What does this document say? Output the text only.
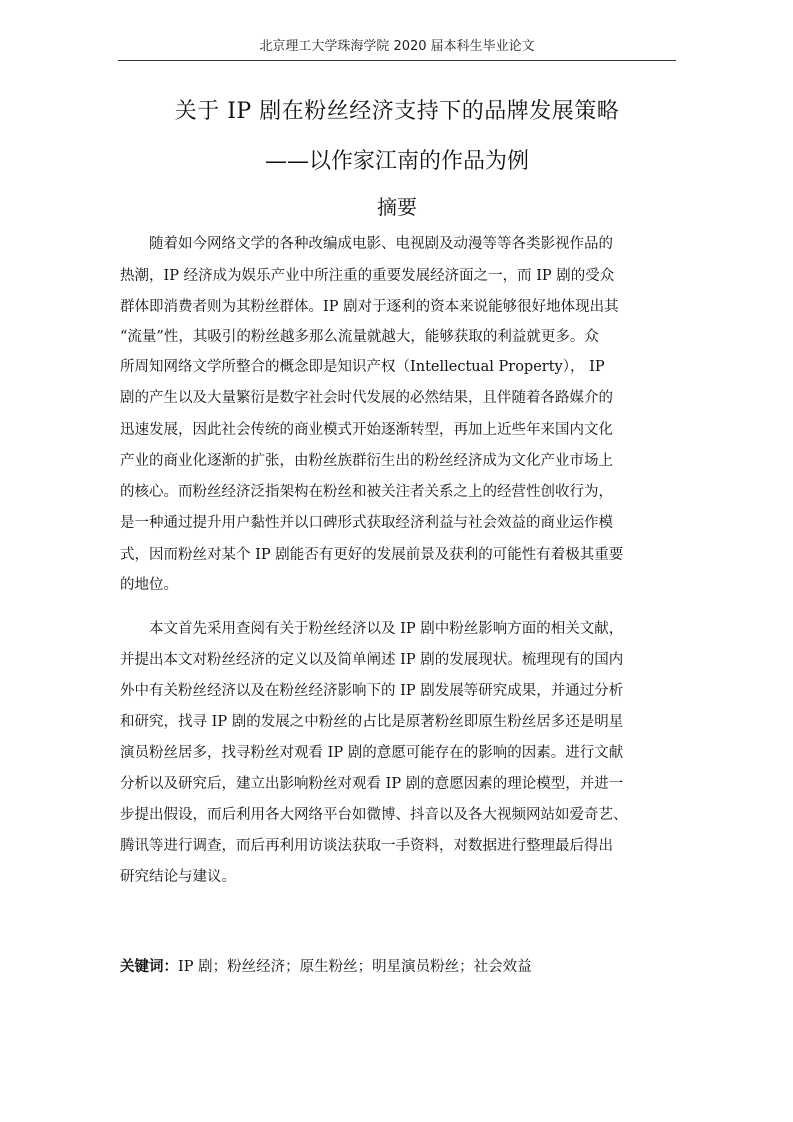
北京理工大学珠海学院 2020 届本科生毕业论文
关于 IP 剧在粉丝经济支持下的品牌发展策略
——以作家江南的作品为例
摘要
　　随着如今网络文学的各种改编成电影、电视剧及动漫等等各类影视作品的
热潮，IP 经济成为娱乐产业中所注重的重要发展经济面之一，而 IP 剧的受众
群体即消费者则为其粉丝群体。IP 剧对于逐利的资本来说能够很好地体现出其
“流量”性，其吸引的粉丝越多那么流量就越大，能够获取的利益就更多。众
所周知网络文学所整合的概念即是知识产权（Intellectual Property）， IP
剧的产生以及大量繁衍是数字社会时代发展的必然结果，且伴随着各路媒介的
迅速发展，因此社会传统的商业模式开始逐渐转型，再加上近些年来国内文化
产业的商业化逐渐的扩张，由粉丝族群衍生出的粉丝经济成为文化产业市场上
的核心。而粉丝经济泛指架构在粉丝和被关注者关系之上的经营性创收行为，
是一种通过提升用户黏性并以口碑形式获取经济利益与社会效益的商业运作模
式，因而粉丝对某个 IP 剧能否有更好的发展前景及获利的可能性有着极其重要
的地位。
　　本文首先采用查阅有关于粉丝经济以及 IP 剧中粉丝影响方面的相关文献，
并提出本文对粉丝经济的定义以及简单阐述 IP 剧的发展现状。梳理现有的国内
外中有关粉丝经济以及在粉丝经济影响下的 IP 剧发展等研究成果，并通过分析
和研究，找寻 IP 剧的发展之中粉丝的占比是原著粉丝即原生粉丝居多还是明星
演员粉丝居多，找寻粉丝对观看 IP 剧的意愿可能存在的影响的因素。进行文献
分析以及研究后，建立出影响粉丝对观看 IP 剧的意愿因素的理论模型，并进一
步提出假设，而后利用各大网络平台如微博、抖音以及各大视频网站如爱奇艺、
腾讯等进行调查，而后再利用访谈法获取一手资料，对数据进行整理最后得出
研究结论与建议。
关键词：IP 剧；粉丝经济；原生粉丝；明星演员粉丝；社会效益
